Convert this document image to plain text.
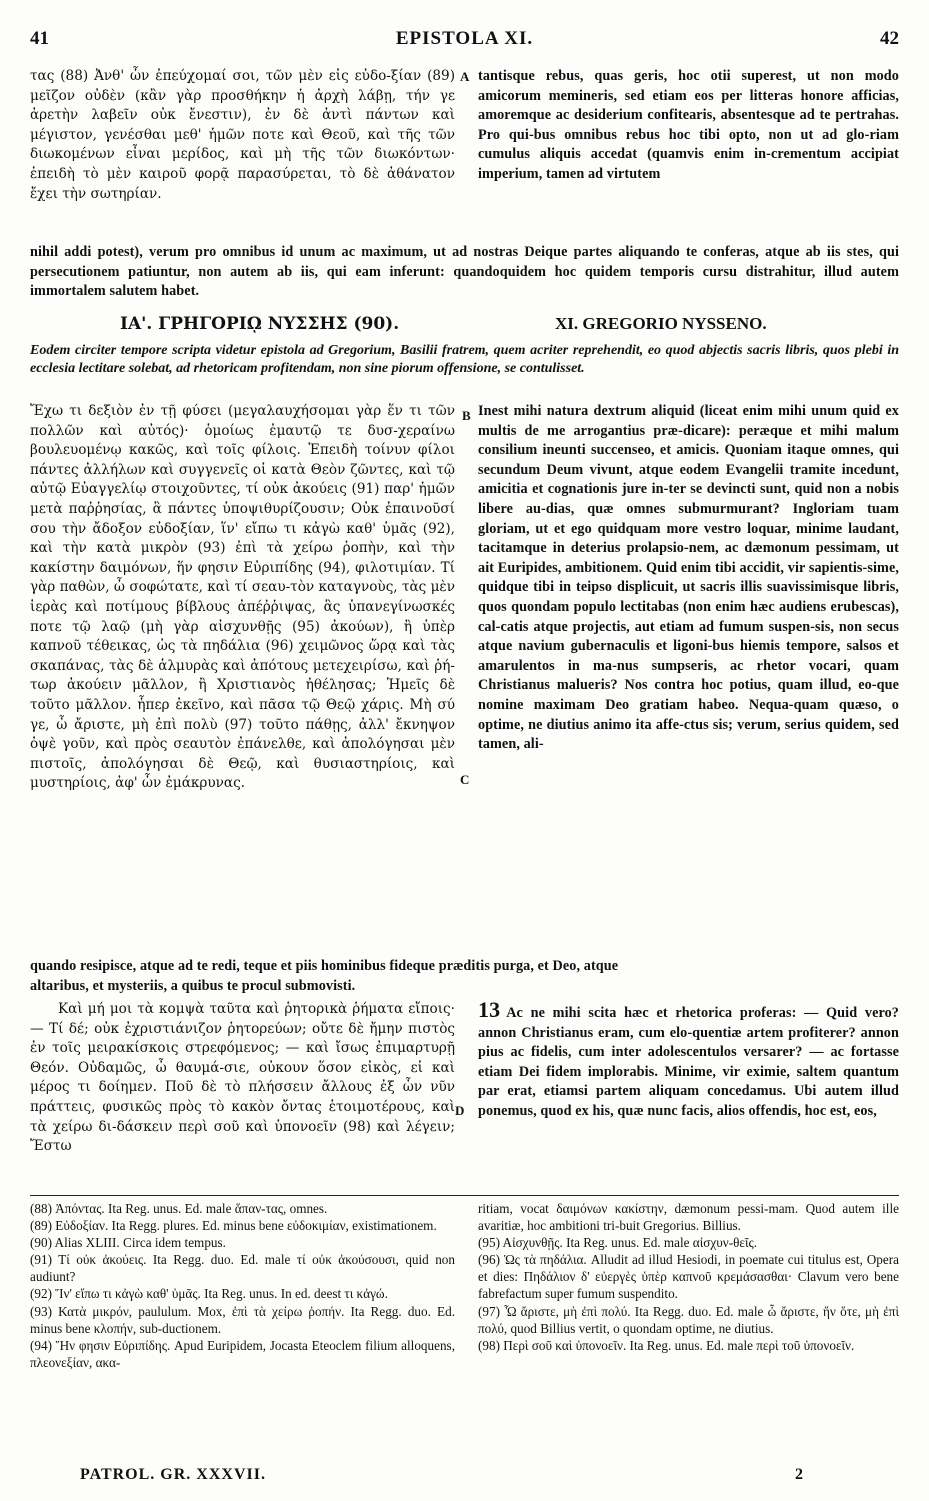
41	EPISTOLA XI.	42

τας (88) Ἀνθ' ὧν ἐπεύχομαί σοι, τῶν μὲν εἰς εὐδο-ξίαν (89) μεῖζον οὐδὲν (κἂν γὰρ προσθήκην ἡ ἀρχὴ λάβῃ, τήν γε ἀρετὴν λαβεῖν οὐκ ἔνεστιν), ἐν δὲ ἀντὶ πάντων καὶ μέγιστον, γενέσθαι μεθ' ἡμῶν ποτε καὶ Θεοῦ, καὶ τῆς τῶν διωκομένων εἶναι μερίδος, καὶ μὴ τῆς τῶν διωκόντων· ἐπειδὴ τὸ μὲν καιροῦ φορᾷ παρασύρεται, τὸ δὲ ἀθάνατον ἔχει τὴν σωτηρίαν.

A tantisque rebus, quas geris, hoc otii superest, ut non modo amicorum memineris, sed etiam eos per litteras honore afficias, amoremque ac desiderium confitearis, absentesque ad te pertrahas. Pro qui-bus omnibus rebus hoc tibi opto, non ut ad glo-riam cumulus aliquis accedat (quamvis enim in-crementum accipiat imperium, tamen ad virtutem

nihil addi potest), verum pro omnibus id unum ac maximum, ut ad nostras Deique partes aliquando te conferas, atque ab iis stes, qui persecutionem patiuntur, non autem ab iis, qui eam inferunt: quandoquidem hoc quidem temporis cursu distrahitur, illud autem immortalem salutem habet.

ΙΑ'. ΓΡΗΓΟΡΙῼ ΝΥΣΣΗΣ (90).	XI. GREGORIO NYSSENO.
Eodem circiter tempore scripta videtur epistola ad Gregorium, Basilii fratrem, quem acriter reprehendit, eo quod abjectis sacris libris, quos plebi in ecclesia lectitare solebat, ad rhetoricam profitendam, non sine piorum offensione, se contulisset.

Ἔχω τι δεξιὸν ἐν τῇ φύσει (μεγαλαυχήσομαι γὰρ ἕν τι τῶν πολλῶν καὶ αὐτός)· ὁμοίως ἐμαυτῷ τε δυσ-χεραίνω βουλευομένῳ κακῶς, καὶ τοῖς φίλοις. Ἐπειδὴ τοίνυν φίλοι πάντες ἀλλήλων καὶ συγγενεῖς οἱ κατὰ Θεὸν ζῶντες, καὶ τῷ αὐτῷ Εὐαγγελίῳ στοιχοῦντες, τί οὐκ ἀκούεις (91) παρ' ἡμῶν μετὰ παῤῥησίας, ἃ πάντες ὑποψιθυρίζουσιν; Οὐκ ἐπαινοῦσί σου τὴν ἄδοξον εὐδοξίαν, ἵν' εἴπω τι κἀγὼ καθ' ὑμᾶς (92), καὶ τὴν κατὰ μικρὸν (93) ἐπὶ τὰ χείρω ῥοπὴν, καὶ τὴν κακίστην δαιμόνων, ἥν φησιν Εὐριπίδης (94), φιλοτιμίαν. Τί γὰρ παθὼν, ὦ σοφώτατε, καὶ τί σεαυ-τὸν καταγνοὺς, τὰς μὲν ἱερὰς καὶ ποτίμους βίβλους ἀπέῤῥιψας, ἃς ὑπανεγίνωσκές ποτε τῷ λαῷ (μὴ γὰρ αἰσχυνθῇς (95) ἀκούων), ἢ ὑπὲρ καπνοῦ τέθεικας, ὡς τὰ πηδάλια (96) χειμῶνος ὥρᾳ καὶ τὰς σκαπάνας, τὰς δὲ ἁλμυρὰς καὶ ἀπότους μετεχειρίσω, καὶ ῥή-τωρ ἀκούειν μᾶλλον, ἢ Χριστιανὸς ἠθέλησας; Ἡμεῖς δὲ τοῦτο μᾶλλον. ἧπερ ἐκεῖνο, καὶ πᾶσα τῷ Θεῷ χάρις. Μὴ σύ γε, ὦ ἄριστε, μὴ ἐπὶ πολὺ (97) τοῦτο πάθῃς, ἀλλ' ἔκνηψον ὀψὲ γοῦν, καὶ πρὸς σεαυτὸν ἐπάνελθε, καὶ ἀπολόγησαι μὲν πιστοῖς, ἀπολόγησαι δὲ Θεῷ, καὶ θυσιαστηρίοις, καὶ μυστηρίοις, ἀφ' ὧν ἐμάκρυνας.

B
C

Inest mihi natura dextrum aliquid (liceat enim mihi unum quid ex multis de me arrogantius præ-dicare): peræque et mihi malum consilium ineunti succenseo, et amicis. Quoniam itaque omnes, qui secundum Deum vivunt, atque eodem Evangelii tramite incedunt, amicitia et cognationis jure in-ter se devincti sunt, quid non a nobis libere au-dias, quæ omnes submurmurant? Ingloriam tuam gloriam, ut et ego quidquam more vestro loquar, minime laudant, tacitamque in deterius prolapsio-nem, ac dæmonum pessimam, ut ait Euripides, ambitionem. Quid enim tibi accidit, vir sapientis-sime, quidque tibi in teipso displicuit, ut sacris illis suavissimisque libris, quos quondam populo lectitabas (non enim hæc audiens erubescas), cal-catis atque projectis, aut etiam ad fumum suspen-sis, non secus atque navium gubernaculis et ligoni-bus hiemis tempore, salsos et amarulentos in ma-nus sumpseris, ac rhetor vocari, quam Christianus malueris? Nos contra hoc potius, quam illud, eo-que nomine maximam Deo gratiam habeo. Nequa-quam quæso, o optime, ne diutius animo ita affe-ctus sis; verum, serius quidem, sed tamen, ali-

quando resipisce, atque ad te redi, teque et piis hominibus fideque præditis purga, et Deo, atque

altaribus, et mysteriis, a quibus te procul submovisti.

Καὶ μή μοι τὰ κομψὰ ταῦτα καὶ ῥητορικὰ ῥήματα εἴποις· — Τί δέ; οὐκ ἐχριστιάνιζον ῥητορεύων; οὔτε δὲ ἤμην πιστὸς ἐν τοῖς μειρακίσκοις στρεφόμενος; — καὶ ἴσως ἐπιμαρτυρῇ Θεόν. Οὐδαμῶς, ὦ θαυμά-σιε, οὐκουν ὅσον εἰκὸς, εἰ καὶ μέρος τι δοίημεν. Ποῦ δὲ τὸ πλήσσειν ἄλλους ἐξ ὧν νῦν πράττεις, φυσικῶς πρὸς τὸ κακὸν ὄντας ἑτοιμοτέρους, καὶ τὰ χείρω δι-δάσκειν περὶ σοῦ καὶ ὑπονοεῖν (98) καὶ λέγειν; Ἔστω

D

13 Ac ne mihi scita hæc et rhetorica proferas: — Quid vero? annon Christianus eram, cum elo-quentiæ artem profiterer? annon pius ac fidelis, cum inter adolescentulos versarer? — ac fortasse etiam Dei fidem implorabis. Minime, vir eximie, saltem quantum par erat, etiamsi partem aliquam concedamus. Ubi autem illud ponemus, quod ex his, quæ nunc facis, alios offendis, hoc est, eos,

(88) Ἀπόντας. Ita Reg. unus. Ed. male ἅπαν-τας, omnes.

(89) Εὐδοξίαν. Ita Regg. plures. Ed. minus bene εὐδοκιμίαν, existimationem.

(90) Alias XLIII. Circa idem tempus.

(91) Τί οὐκ ἀκούεις. Ita Regg. duo. Ed. male τί οὐκ ἀκούσουσι, quid non audiunt?

(92) Ἵν' εἴπω τι κἀγὼ καθ' ὑμᾶς. Ita Reg. unus. In ed. deest τι κἀγώ.

(93) Κατὰ μικρόν, paululum. Mox, ἐπὶ τὰ χείρω ῥοπήν. Ita Regg. duo. Ed. minus bene κλοπήν, sub-ductionem.

(94) Ἥν φησιν Εὐριπίδης. Apud Euripidem, Jocasta Eteoclem filium alloquens, πλεονεξίαν, ακα-

ritiam, vocat δαιμόνων κακίστην, dæmonum pessi-mam. Quod autem ille avaritiæ, hoc ambitioni tri-buit Gregorius. Billius.

(95) Αἰσχυνθῇς. Ita Reg. unus. Ed. male αἰσχυν-θεῖς.

(96) Ὡς τὰ πηδάλια. Alludit ad illud Hesiodi, in poemate cui titulus est, Opera et dies: Πηδάλιον δ' εὐεργὲς ὑπὲρ καπνοῦ κρεμάσασθαι· Clavum vero bene fabrefactum super fumum suspendito.

(97) Ὦ ἄριστε, μὴ ἐπὶ πολύ. Ita Regg. duo. Ed. male ὦ ἄριστε, ἥν ὅτε, μὴ ἐπὶ πολύ, quod Billius vertit, o quondam optime, ne diutius.

(98) Περὶ σοῦ καὶ ὑπονοεῖν. Ita Reg. unus. Ed. male περὶ τοῦ ὑπονοεῖν.

PATROL. GR. XXXVII.	2
